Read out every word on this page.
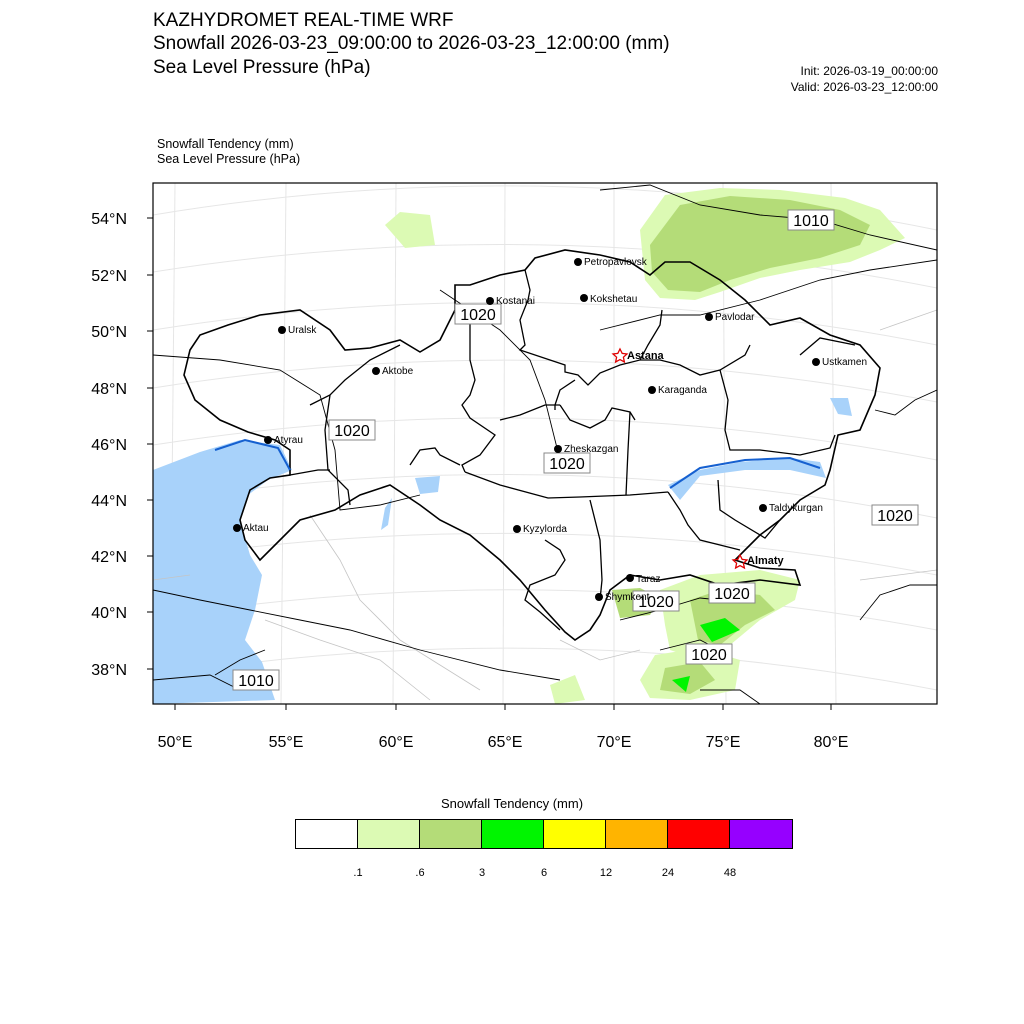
KAZHYDROMET REAL-TIME WRF
Snowfall 2026-03-23_09:00:00 to 2026-03-23_12:00:00 (mm)
Sea Level Pressure (hPa)	Init: 2026-03-19_00:00:00
Valid: 2026-03-23_12:00:00
Snowfall Tendency (mm)
Sea Level Pressure (hPa)
54°N
52°N
50°N
48°N
46°N
44°N
42°N
40°N
38°N
50°E	55°E	60°E	65°E	70°E	75°E	80°E
1010
1020
1020
1020
1020
1020	1020
1020
1010
Petropavlovsk
Kostanai	Kokshetau
Uralsk
Pavlodar
Astana
Aktobe
Ustkamen
Karaganda
Atyrau
Zheskazgan
Taldykurgan
Aktau	Kyzylorda
Almaty
Taraz
Shymkent
Snowfall Tendency (mm)
.1	.6	3	6	12	24	48
